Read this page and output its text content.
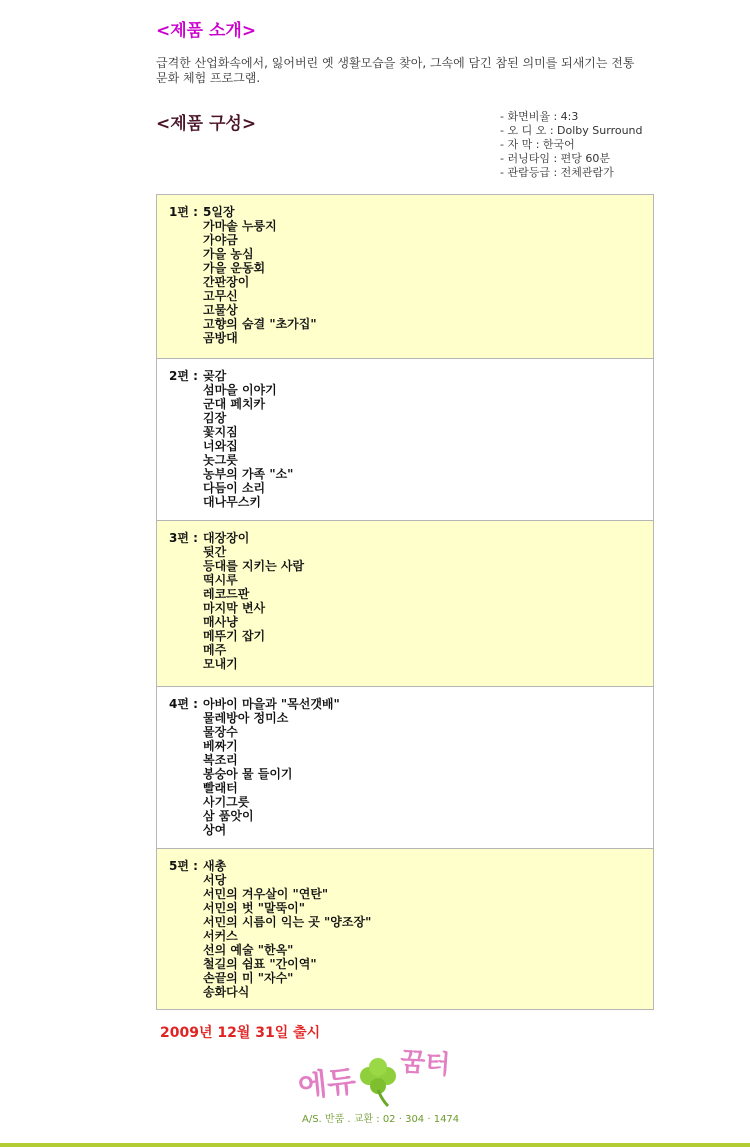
<제품 소개>

급격한 산업화속에서, 잃어버린 옛 생활모습을 찾아, 그속에 담긴 참된 의미를 되새기는 전통문화 체험 프로그램.

<제품 구성>	- 화면비율 : 4:3
- 오 디 오 : Dolby Surround
- 자 막 : 한국어
- 러닝타임 : 편당 60분
- 관람등급 : 전체관람가
1편 : 5일장
가마솥 누룽지
가야금
가을 농심
가을 운동회
간판장이
고무신
고물상
고향의 숨결 "초가집"
곰방대
2편 : 곶감
섬마을 이야기
군대 페치카
김장
꽃지짐
너와집
놋그릇
농부의 가족 "소"
다듬이 소리
대나무스키
3편 : 대장장이
뒷간
등대를 지키는 사람
떡시루
레코드판
마지막 변사
매사냥
메뚜기 잡기
메주
모내기
4편 : 아바이 마을과 "목선갯배"
물레방아 정미소
물장수
베짜기
복조리
봉숭아 물 들이기
빨래터
사기그릇
삼 품앗이
상여
5편 : 새총
서당
서민의 겨우살이 "연탄"
서민의 벗 "말뚝이"
서민의 시름이 익는 곳 "양조장"
서커스
선의 예술 "한옥"
철길의 쉼표 "간이역"
손끝의 미 "자수"
송화다식

2009년 12월 31일 출시

에듀
꿈터

A/S. 반품 . 교환 : 02 · 304 · 1474
